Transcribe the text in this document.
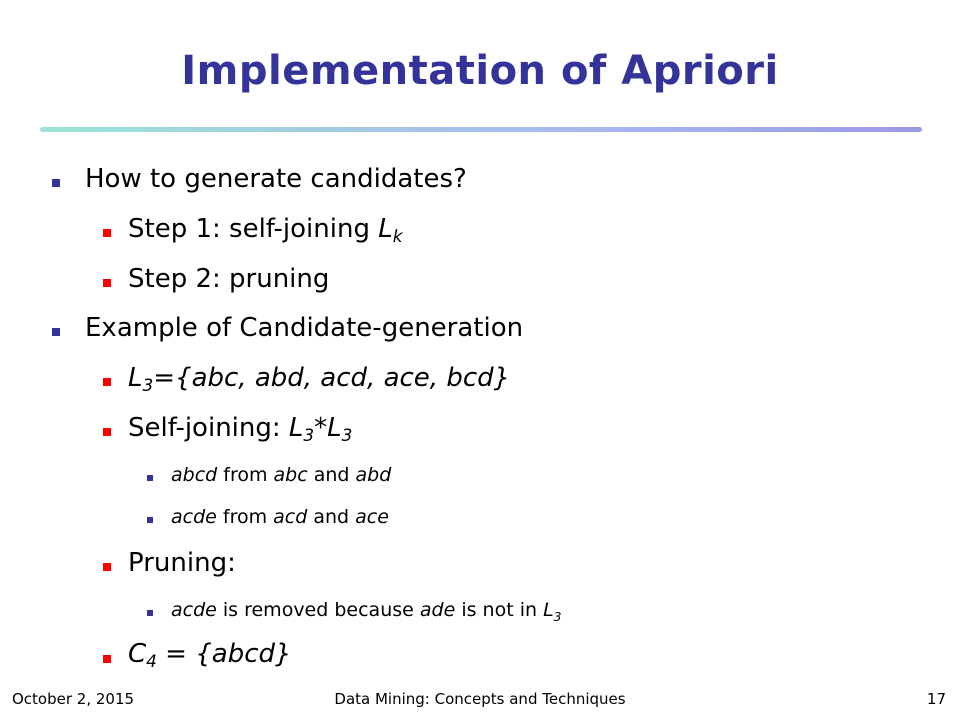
Implementation of Apriori
How to generate candidates?
Step 1: self-joining $L_k$
Step 2: pruning
Example of Candidate-generation
$L_3=\{abc$, abd, acd, ace, bcd}
Self-joining: $L_3*L_3$
abcd from abc and abd
acde from acd and ace
Pruning:
acde is removed because ade is not in $L_3$
$C_4$ = {abcd}
October 2, 2015	Data Mining: Concepts and Techniques	17
